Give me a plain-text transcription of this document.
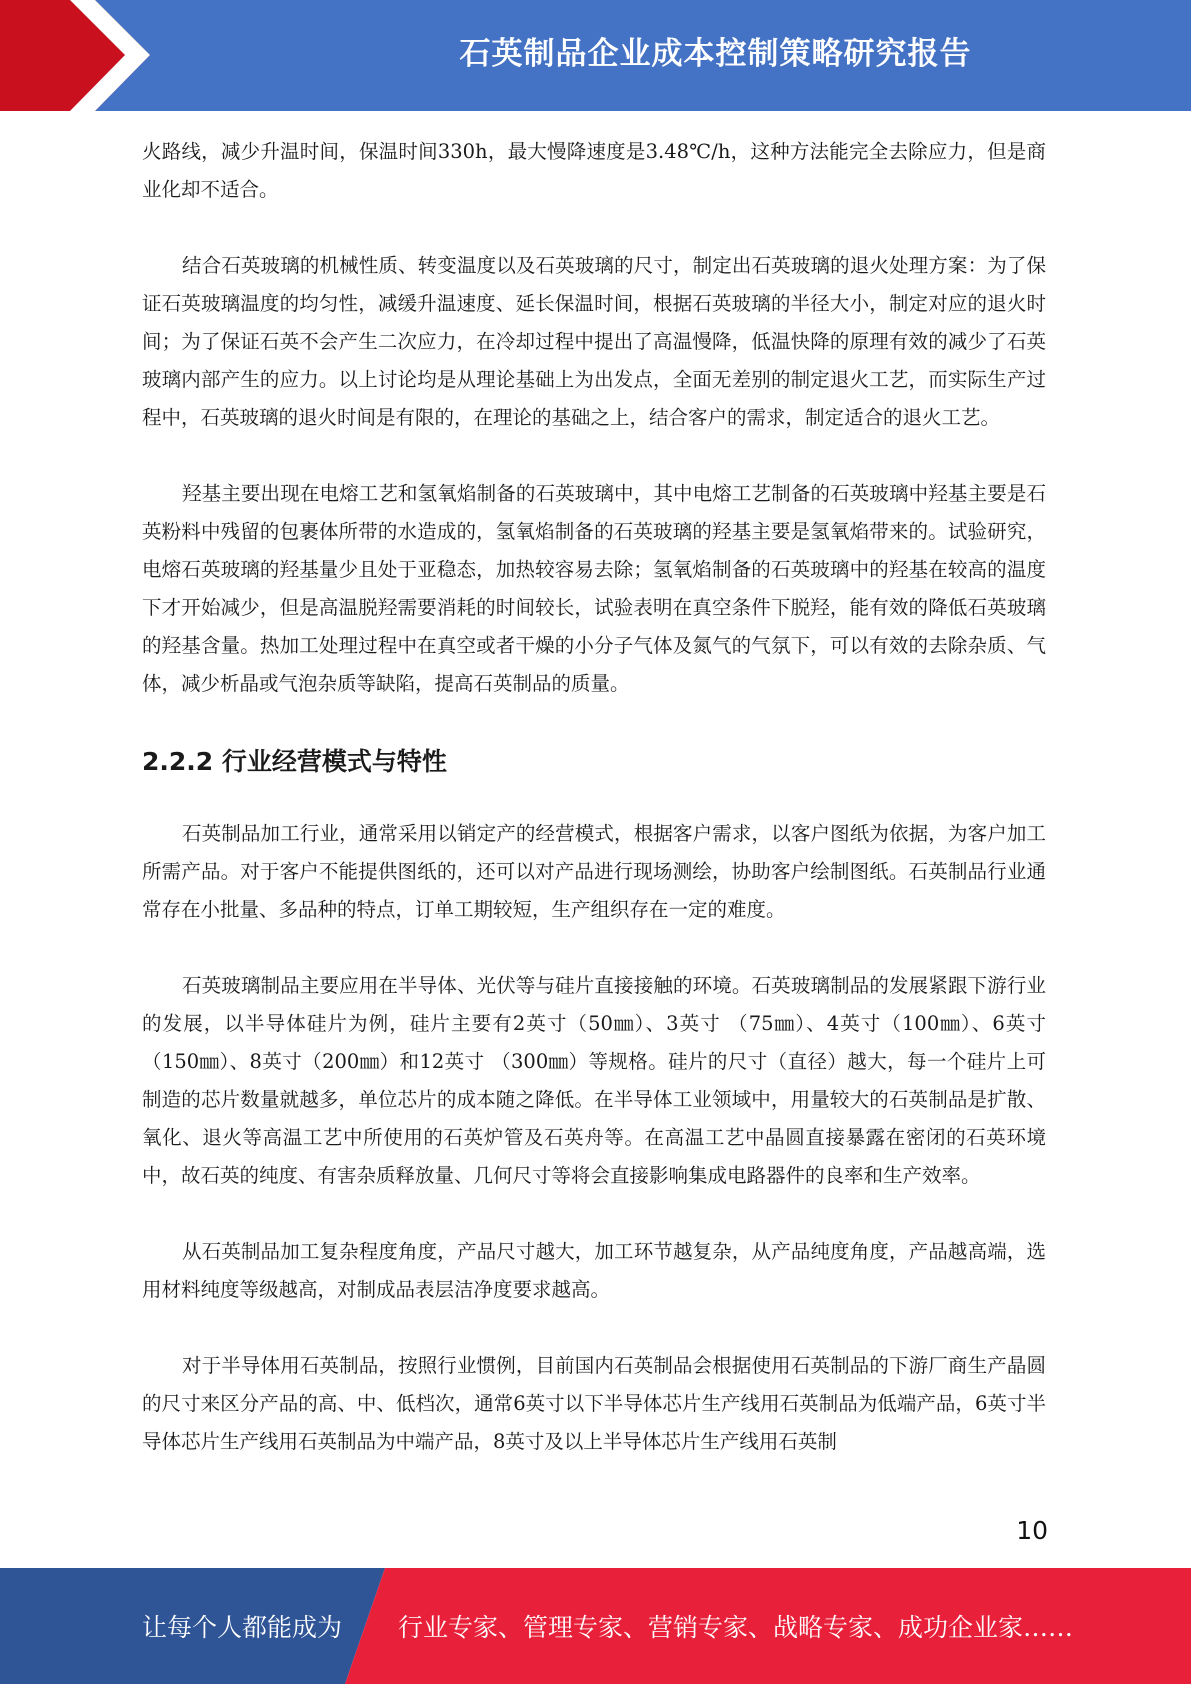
石英制品企业成本控制策略研究报告

火路线，减少升温时间，保温时间330h，最大慢降速度是3.48℃/h，这种方法能完全去除应力，但是商业化却不适合。

结合石英玻璃的机械性质、转变温度以及石英玻璃的尺寸，制定出石英玻璃的退火处理方案：为了保证石英玻璃温度的均匀性，减缓升温速度、延长保温时间，根据石英玻璃的半径大小，制定对应的退火时间；为了保证石英不会产生二次应力，在冷却过程中提出了高温慢降，低温快降的原理有效的减少了石英玻璃内部产生的应力。以上讨论均是从理论基础上为出发点，全面无差别的制定退火工艺，而实际生产过程中，石英玻璃的退火时间是有限的，在理论的基础之上，结合客户的需求，制定适合的退火工艺。

羟基主要出现在电熔工艺和氢氧焰制备的石英玻璃中，其中电熔工艺制备的石英玻璃中羟基主要是石英粉料中残留的包裹体所带的水造成的，氢氧焰制备的石英玻璃的羟基主要是氢氧焰带来的。试验研究，电熔石英玻璃的羟基量少且处于亚稳态，加热较容易去除；氢氧焰制备的石英玻璃中的羟基在较高的温度下才开始减少，但是高温脱羟需要消耗的时间较长，试验表明在真空条件下脱羟，能有效的降低石英玻璃的羟基含量。热加工处理过程中在真空或者干燥的小分子气体及氮气的气氛下，可以有效的去除杂质、气体，减少析晶或气泡杂质等缺陷，提高石英制品的质量。

2.2.2 行业经营模式与特性

石英制品加工行业，通常采用以销定产的经营模式，根据客户需求，以客户图纸为依据，为客户加工所需产品。对于客户不能提供图纸的，还可以对产品进行现场测绘，协助客户绘制图纸。石英制品行业通常存在小批量、多品种的特点，订单工期较短，生产组织存在一定的难度。

石英玻璃制品主要应用在半导体、光伏等与硅片直接接触的环境。石英玻璃制品的发展紧跟下游行业的发展，以半导体硅片为例，硅片主要有2英寸（50㎜）、3英寸 （75㎜）、4英寸（100㎜）、6英寸（150㎜）、8英寸（200㎜）和12英寸 （300㎜）等规格。硅片的尺寸（直径）越大，每一个硅片上可制造的芯片数量就越多，单位芯片的成本随之降低。在半导体工业领域中，用量较大的石英制品是扩散、氧化、退火等高温工艺中所使用的石英炉管及石英舟等。在高温工艺中晶圆直接暴露在密闭的石英环境中，故石英的纯度、有害杂质释放量、几何尺寸等将会直接影响集成电路器件的良率和生产效率。

从石英制品加工复杂程度角度，产品尺寸越大，加工环节越复杂，从产品纯度角度，产品越高端，选用材料纯度等级越高，对制成品表层洁净度要求越高。

对于半导体用石英制品，按照行业惯例，目前国内石英制品会根据使用石英制品的下游厂商生产晶圆的尺寸来区分产品的高、中、低档次，通常6英寸以下半导体芯片生产线用石英制品为低端产品，6英寸半导体芯片生产线用石英制品为中端产品，8英寸及以上半导体芯片生产线用石英制

10
让每个人都能成为 行业专家、管理专家、营销专家、战略专家、成功企业家……
